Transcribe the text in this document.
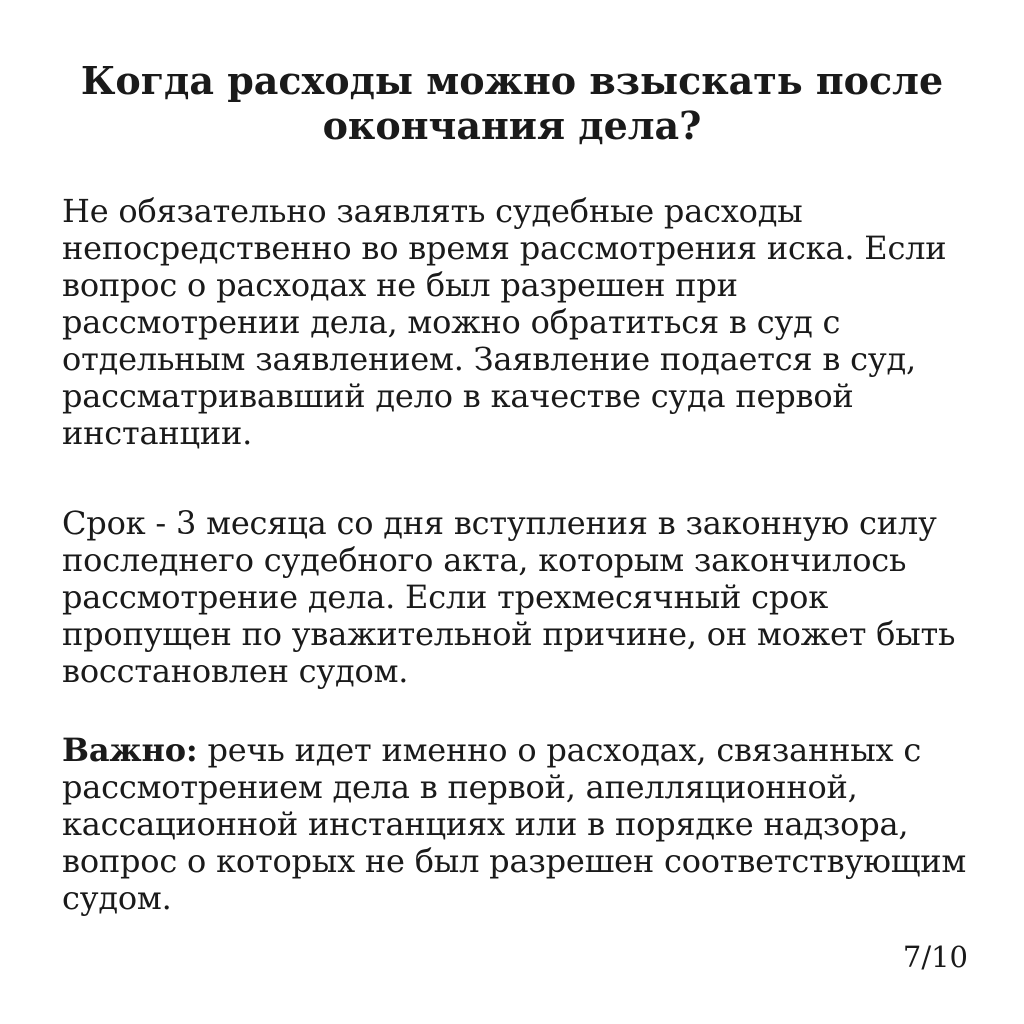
Когда расходы можно взыскать после окончания дела?

Не обязательно заявлять судебные расходы непосредственно во время рассмотрения иска. Если вопрос о расходах не был разрешен при рассмотрении дела, можно обратиться в суд с отдельным заявлением. Заявление подается в суд, рассматривавший дело в качестве суда первой инстанции.

Срок - 3 месяца со дня вступления в законную силу последнего судебного акта, которым закончилось рассмотрение дела. Если трехмесячный срок пропущен по уважительной причине, он может быть восстановлен судом.

Важно: речь идет именно о расходах, связанных с рассмотрением дела в первой, апелляционной, кассационной инстанциях или в порядке надзора, вопрос о которых не был разрешен соответствующим судом.

7/10
